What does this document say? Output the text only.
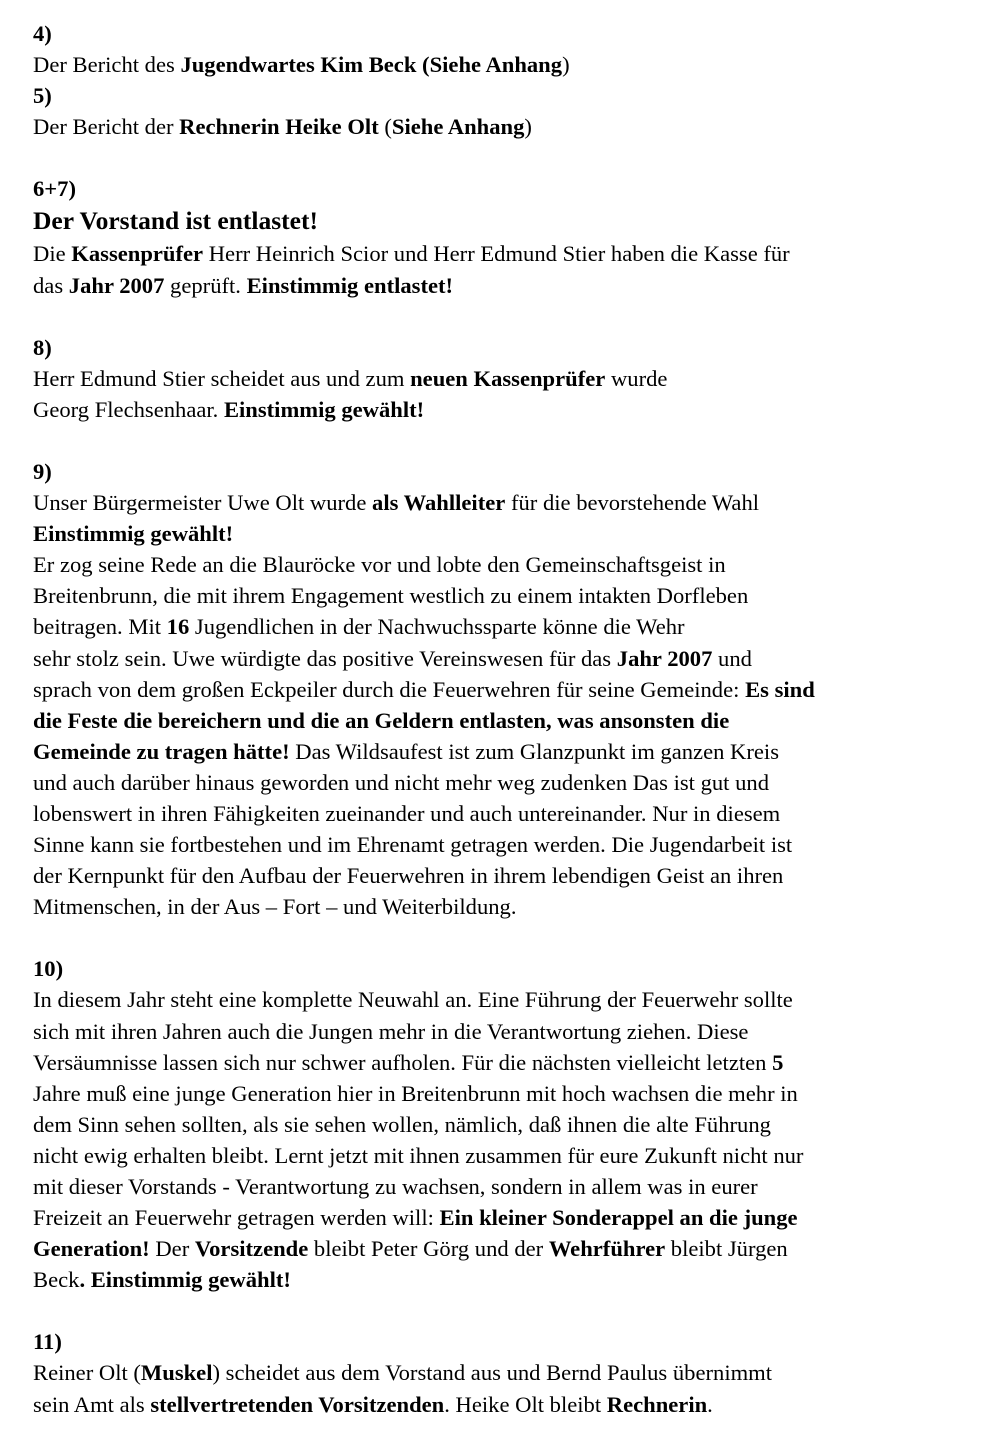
4)
Der Bericht des Jugendwartes Kim Beck (Siehe Anhang)
5)
Der Bericht der Rechnerin Heike Olt (Siehe Anhang)
6+7)
Der Vorstand ist entlastet!
Die Kassenprüfer Herr Heinrich Scior und Herr Edmund Stier haben die Kasse für
das Jahr 2007 geprüft. Einstimmig entlastet!
8)
Herr Edmund Stier scheidet aus und zum neuen Kassenprüfer wurde
Georg Flechsenhaar. Einstimmig gewählt!
9)
Unser Bürgermeister Uwe Olt wurde als Wahlleiter für die bevorstehende Wahl
Einstimmig gewählt!
Er zog seine Rede an die Blauröcke vor und lobte den Gemeinschaftsgeist in
Breitenbrunn, die mit ihrem Engagement westlich zu einem intakten Dorfleben
beitragen. Mit 16 Jugendlichen in der Nachwuchssparte könne die Wehr
sehr stolz sein. Uwe würdigte das positive Vereinswesen für das Jahr 2007 und
sprach von dem großen Eckpeiler durch die Feuerwehren für seine Gemeinde: Es sind
die Feste die bereichern und die an Geldern entlasten, was ansonsten die
Gemeinde zu tragen hätte! Das Wildsaufest ist zum Glanzpunkt im ganzen Kreis
und auch darüber hinaus geworden und nicht mehr weg zudenken Das ist gut und
lobenswert in ihren Fähigkeiten zueinander und auch untereinander. Nur in diesem
Sinne kann sie fortbestehen und im Ehrenamt getragen werden. Die Jugendarbeit ist
der Kernpunkt für den Aufbau der Feuerwehren in ihrem lebendigen Geist an ihren
Mitmenschen, in der Aus – Fort – und Weiterbildung.
10)
In diesem Jahr steht eine komplette Neuwahl an. Eine Führung der Feuerwehr sollte
sich mit ihren Jahren auch die Jungen mehr in die Verantwortung ziehen. Diese
Versäumnisse lassen sich nur schwer aufholen. Für die nächsten vielleicht letzten 5
Jahre muß eine junge Generation hier in Breitenbrunn mit hoch wachsen die mehr in
dem Sinn sehen sollten, als sie sehen wollen, nämlich, daß ihnen die alte Führung
nicht ewig erhalten bleibt. Lernt jetzt mit ihnen zusammen für eure Zukunft nicht nur
mit dieser Vorstands - Verantwortung zu wachsen, sondern in allem was in eurer
Freizeit an Feuerwehr getragen werden will: Ein kleiner Sonderappel an die junge
Generation! Der Vorsitzende bleibt Peter Görg und der Wehrführer bleibt Jürgen
Beck. Einstimmig gewählt!
11)
Reiner Olt (Muskel) scheidet aus dem Vorstand aus und Bernd Paulus übernimmt
sein Amt als stellvertretenden Vorsitzenden. Heike Olt bleibt Rechnerin.
